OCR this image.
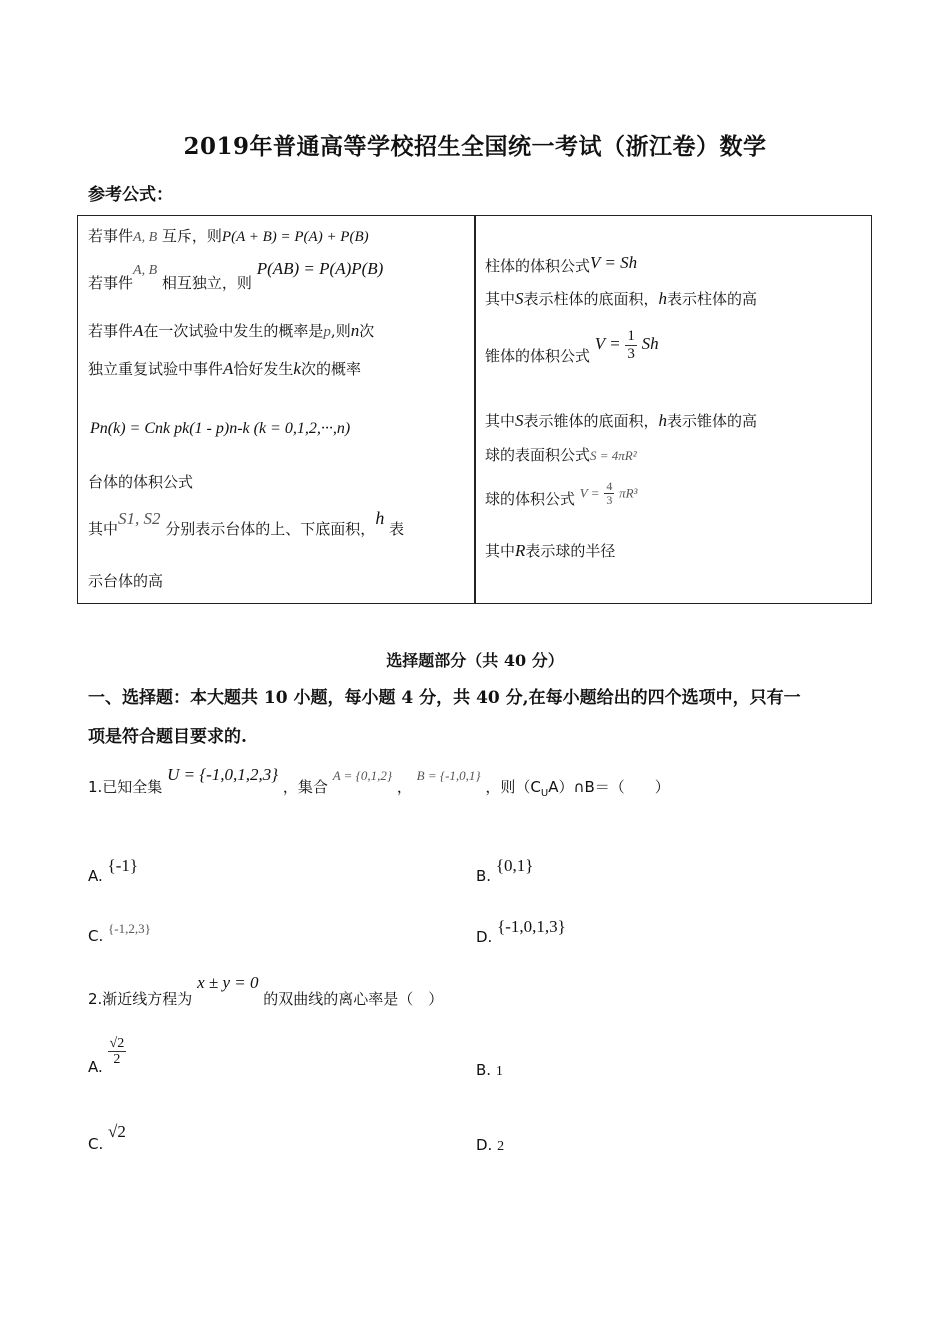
2019年普通高等学校招生全国统一考试（浙江卷）数学
参考公式：
若事件A, B 互斥，则P(A + B) = P(A) + P(B)
若事件A, B 相互独立，则 P(AB) = P(A)P(B)
若事件A在一次试验中发生的概率是p,则n次
独立重复试验中事件A恰好发生k次的概率
Pn(k) = Cnk pk(1 - p)n-k (k = 0,1,2,···,n)
台体的体积公式
其中S1, S2 分别表示台体的上、下底面积，h 表
示台体的高
柱体的体积公式V = Sh
其中S表示柱体的底面积，h表示柱体的高
锥体的体积公式 $V = \frac{1}{3}$ Sh
其中S表示锥体的底面积，h表示锥体的高
球的表面积公式S = 4πR²
球的体积公式 $V = \frac{4}{3} \pi R^3$
其中R表示球的半径
选择题部分（共 40 分）
一、选择题：本大题共 10 小题，每小题 4 分，共 40 分,在每小题给出的四个选项中，只有一
项是符合题目要求的.
1.已知全集 U = {-1,0,1,2,3} ，集合 A = {0,1,2} ， B = {-1,0,1} ，则$(C_UA)\cap B=$（　　）
A. {-1}
B. {0,1}
C. {-1,2,3}	D. {-1,0,1,3}
2.渐近线方程为 x ± y = 0 的双曲线的离心率是（　）
A. $\frac{√2}{2}$
B. 1
C. √2
D. 2
